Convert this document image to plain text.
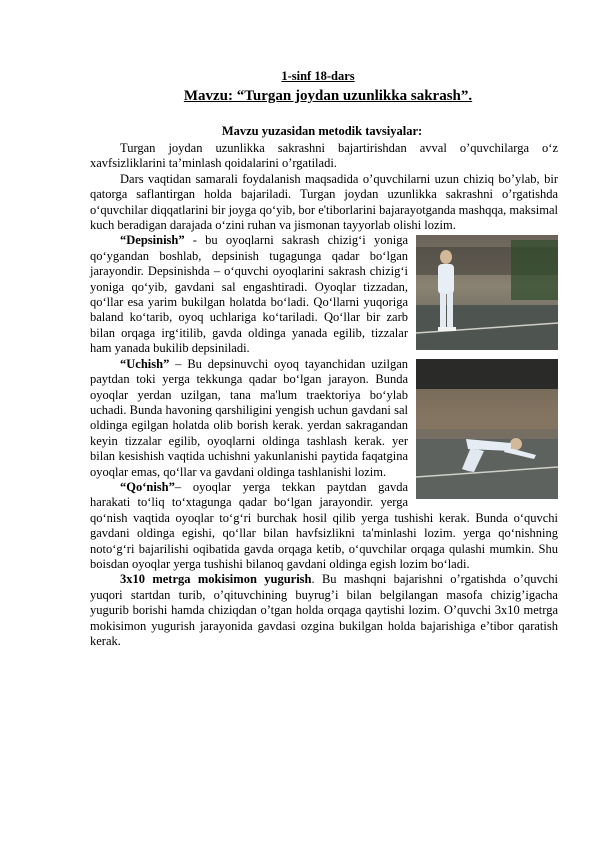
1-sinf 18-dars
Mavzu: “Turgan joydan uzunlikka sakrash”.
Mavzu yuzasidan metodik tavsiyalar:

Turgan joydan uzunlikka sakrashni bajartirishdan avval o’quvchilarga o‘z xavfsizliklarini ta’minlash qoidalarini o’rgatiladi.

Dars vaqtidan samarali foydalanish maqsadida o’quvchilarni uzun chiziq bo’ylab, bir qatorga saflantirgan holda bajariladi. Turgan joydan uzunlikka sakrashni o’rgatishda o‘quvchilar diqqatlarini bir joyga qo‘yib, bor e'tiborlarini bajarayotganda mashqqa, maksimal kuch beradigan darajada o‘zini ruhan va jismonan tayyorlab olishi lozim.

“Depsinish” - bu oyoqlarni sakrash chizig‘i yoniga qo‘ygandan boshlab, depsinish tugagunga qadar bo‘lgan jarayondir. Depsinishda – o‘quvchi oyoqlarini sakrash chizig‘i yoniga qo‘yib, gavdani sal engashtiradi. Oyoqlar tizzadan, qo‘llar esa yarim bukilgan holatda bo‘ladi. Qo‘llarni yuqoriga baland ko‘tarib, oyoq uchlariga ko‘tariladi. Qo‘llar bir zarb bilan orqaga irg‘itilib, gavda oldinga yanada egilib, tizzalar ham yanada bukilib depsiniladi.

“Uchish” – Bu depsinuvchi oyoq tayanchidan uzilgan paytdan toki yerga tekkunga qadar bo‘lgan jarayon. Bunda oyoqlar yerdan uzilgan, tana ma'lum traektoriya bo‘ylab uchadi. Bunda havoning qarshiligini yengish uchun gavdani sal oldinga egilgan holatda olib borish kerak. yerdan sakragandan keyin tizzalar egilib, oyoqlarni oldinga tashlash kerak. yer bilan kesishish vaqtida uchishni yakunlanishi paytida faqatgina oyoqlar emas, qo‘llar va gavdani oldinga tashlanishi lozim.

“Qo‘nish”– oyoqlar yerga tekkan paytdan gavda harakati to‘liq to‘xtagunga qadar bo‘lgan jarayondir. yerga qo‘nish vaqtida oyoqlar to‘g‘ri burchak hosil qilib yerga tushishi kerak. Bunda o‘quvchi gavdani oldinga egishi, qo‘llar bilan havfsizlikni ta'minlashi lozim. yerga qo‘nishning noto‘g‘ri bajarilishi oqibatida gavda orqaga ketib, o‘quvchilar orqaga qulashi mumkin. Shu boisdan oyoqlar yerga tushishi bilanoq gavdani oldinga egish lozim bo‘ladi.

3x10 metrga mokisimon yugurish. Bu mashqni bajarishni o’rgatishda o’quvchi yuqori startdan turib, o’qituvchining buyrug’i bilan belgilangan masofa chizig’igacha yugurib borishi hamda chiziqdan o’tgan holda orqaga qaytishi lozim. O’quvchi 3x10 metrga mokisimon yugurish jarayonida gavdasi ozgina bukilgan holda bajarishiga e’tibor qaratish kerak.
